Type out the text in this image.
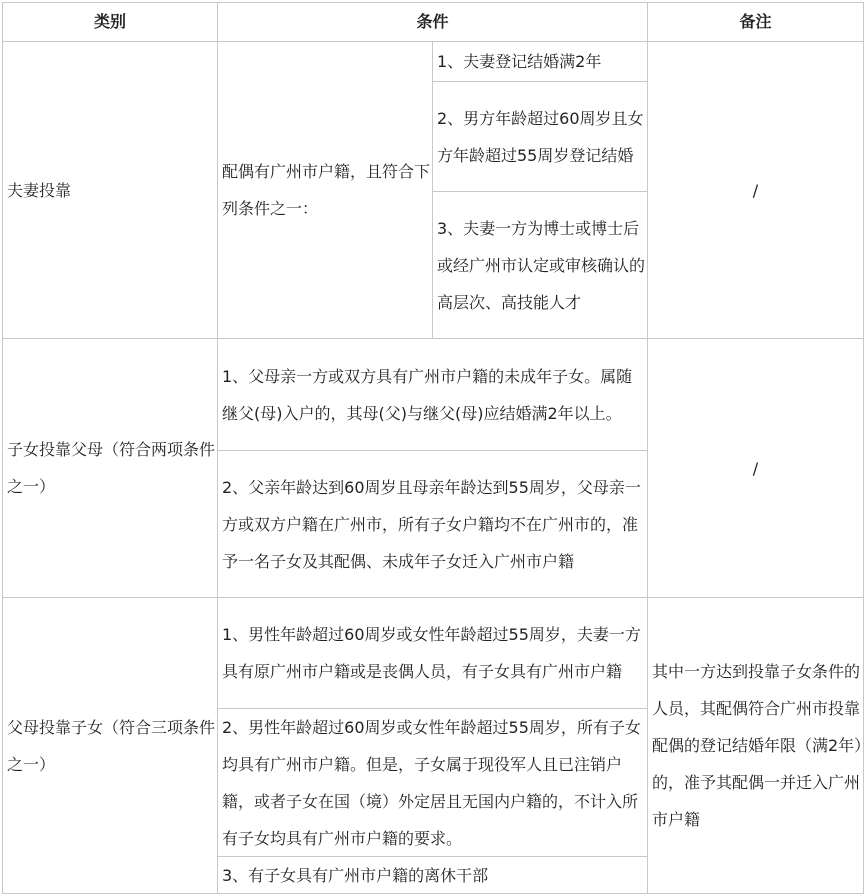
类别	条件	备注
夫妻投靠
配偶有广州市户籍，且符合下列条件之一：
1、夫妻登记结婚满2年
2、男方年龄超过60周岁且女方年龄超过55周岁登记结婚
3、夫妻一方为博士或博士后或经广州市认定或审核确认的高层次、高技能人才
/
子女投靠父母（符合两项条件之一）
1、父母亲一方或双方具有广州市户籍的未成年子女。属随继父(母)入户的，其母(父)与继父(母)应结婚满2年以上。
2、父亲年龄达到60周岁且母亲年龄达到55周岁，父母亲一方或双方户籍在广州市，所有子女户籍均不在广州市的，准予一名子女及其配偶、未成年子女迁入广州市户籍
/
父母投靠子女（符合三项条件之一）
1、男性年龄超过60周岁或女性年龄超过55周岁，夫妻一方具有原广州市户籍或是丧偶人员，有子女具有广州市户籍
2、男性年龄超过60周岁或女性年龄超过55周岁，所有子女均具有广州市户籍。但是，子女属于现役军人且已注销户籍，或者子女在国（境）外定居且无国内户籍的，不计入所有子女均具有广州市户籍的要求。
3、有子女具有广州市户籍的离休干部
其中一方达到投靠子女条件的人员，其配偶符合广州市投靠配偶的登记结婚年限（满2年）的，准予其配偶一并迁入广州市户籍
